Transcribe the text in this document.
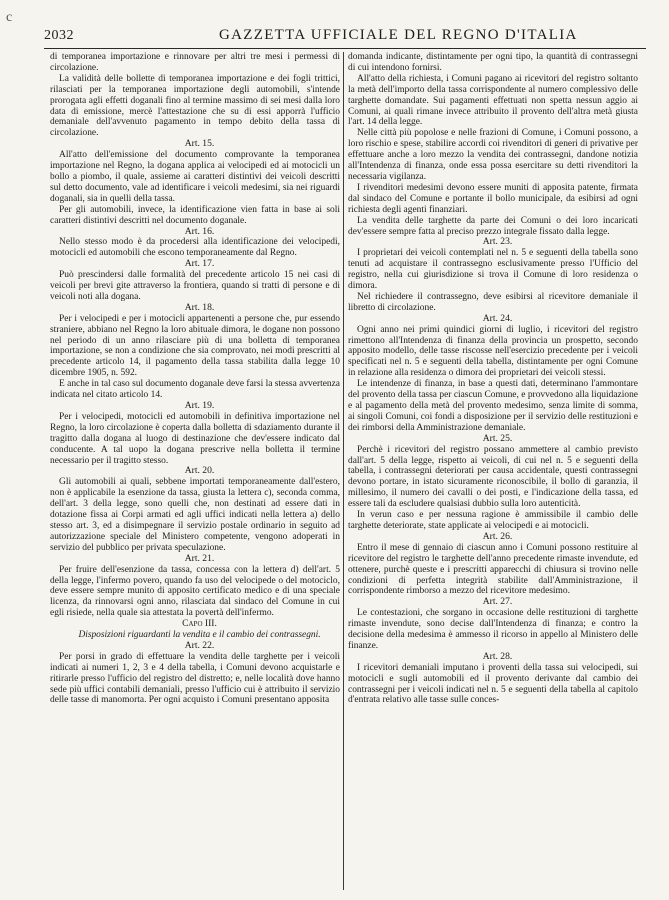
c
2032	GAZZETTA UFFICIALE DEL REGNO D'ITALIA

di temporanea importazione e rinnovare per altri tre mesi i permessi di circolazione.

La validità delle bollette di temporanea importazione e dei fogli trittici, rilasciati per la temporanea importazione degli automobili, s'intende prorogata agli effetti doganali fino al termine massimo di sei mesi dalla loro data di emissione, mercè l'attestazione che su di essi apporrà l'ufficio demaniale dell'avvenuto pagamento in tempo debito della tassa di circolazione.

Art. 15.

All'atto dell'emissione del documento comprovante la temporanea importazione nel Regno, la dogana applica ai velocipedi ed ai motocicli un bollo a piombo, il quale, assieme ai caratteri distintivi dei veicoli descritti sul detto documento, vale ad identificare i veicoli medesimi, sia nei riguardi doganali, sia in quelli della tassa.

Per gli automobili, invece, la identificazione vien fatta in base ai soli caratteri distintivi descritti nel documento doganale.

Art. 16.

Nello stesso modo è da procedersi alla identificazione dei velocipedi, motocicli ed automobili che escono temporaneamente dal Regno.

Art. 17.

Può prescindersi dalle formalità del precedente articolo 15 nei casi di veicoli per brevi gite attraverso la frontiera, quando si tratti di persone e di veicoli noti alla dogana.

Art. 18.

Per i velocipedi e per i motocicli appartenenti a persone che, pur essendo straniere, abbiano nel Regno la loro abituale dimora, le dogane non possono nel periodo di un anno rilasciare più di una bolletta di temporanea importazione, se non a condizione che sia comprovato, nei modi prescritti al precedente articolo 14, il pagamento della tassa stabilita dalla legge 10 dicembre 1905, n. 592.

E anche in tal caso sul documento doganale deve farsi la stessa avvertenza indicata nel citato articolo 14.

Art. 19.

Per i velocipedi, motocicli ed automobili in definitiva importazione nel Regno, la loro circolazione è coperta dalla bolletta di sdaziamento durante il tragitto dalla dogana al luogo di destinazione che dev'essere indicato dal conducente. A tal uopo la dogana prescrive nella bolletta il termine necessario per il tragitto stesso.

Art. 20.

Gli automobili ai quali, sebbene importati temporaneamente dall'estero, non è applicabile la esenzione da tassa, giusta la lettera c), seconda comma, dell'art. 3 della legge, sono quelli che, non destinati ad essere dati in dotazione fissa ai Corpi armati ed agli uffici indicati nella lettera a) dello stesso art. 3, ed a disimpegnare il servizio postale ordinario in seguito ad autorizzazione speciale del Ministero competente, vengono adoperati in servizio del pubblico per privata speculazione.

Art. 21.

Per fruire dell'esenzione da tassa, concessa con la lettera d) dell'art. 5 della legge, l'infermo povero, quando fa uso del velocipede o del motociclo, deve essere sempre munito di apposito certificato medico e di una speciale licenza, da rinnovarsi ogni anno, rilasciata dal sindaco del Comune in cui egli risiede, nella quale sia attestata la povertà dell'infermo.

Capo III.

Disposizioni riguardanti la vendita e il cambio dei contrassegni.

Art. 22.

Per porsi in grado di effettuare la vendita delle targhette per i veicoli indicati ai numeri 1, 2, 3 e 4 della tabella, i Comuni devono acquistarle e ritirarle presso l'ufficio del registro del distretto; e, nelle località dove hanno sede più uffici contabili demaniali, presso l'ufficio cui è attribuito il servizio delle tasse di manomorta. Per ogni acquisto i Comuni presentano apposita

domanda indicante, distintamente per ogni tipo, la quantità di contrassegni di cui intendono fornirsi.

All'atto della richiesta, i Comuni pagano ai ricevitori del registro soltanto la metà dell'importo della tassa corrispondente al numero complessivo delle targhette domandate. Sui pagamenti effettuati non spetta nessun aggio ai Comuni, ai quali rimane invece attribuito il provento dell'altra metà giusta l'art. 14 della legge.

Nelle città più popolose e nelle frazioni di Comune, i Comuni possono, a loro rischio e spese, stabilire accordi coi rivenditori di generi di privative per effettuare anche a loro mezzo la vendita dei contrassegni, dandone notizia all'Intendenza di finanza, onde essa possa esercitare su detti rivenditori la necessaria vigilanza.

I rivenditori medesimi devono essere muniti di apposita patente, firmata dal sindaco del Comune e portante il bollo municipale, da esibirsi ad ogni richiesta degli agenti finanziari.

La vendita delle targhette da parte dei Comuni o dei loro incaricati dev'essere sempre fatta al preciso prezzo integrale fissato dalla legge.

Art. 23.

I proprietari dei veicoli contemplati nel n. 5 e seguenti della tabella sono tenuti ad acquistare il contrassegno esclusivamente presso l'Ufficio del registro, nella cui giurisdizione si trova il Comune di loro residenza o dimora.

Nel richiedere il contrassegno, deve esibirsi al ricevitore demaniale il libretto di circolazione.

Art. 24.

Ogni anno nei primi quindici giorni di luglio, i ricevitori del registro rimettono all'Intendenza di finanza della provincia un prospetto, secondo apposito modello, delle tasse riscosse nell'esercizio precedente per i veicoli specificati nel n. 5 e seguenti della tabella, distintamente per ogni Comune in relazione alla residenza o dimora dei proprietari dei veicoli stessi.

Le intendenze di finanza, in base a questi dati, determinano l'ammontare del provento della tassa per ciascun Comune, e provvedono alla liquidazione e al pagamento della metà del provento medesimo, senza limite di somma, ai singoli Comuni, coi fondi a disposizione per il servizio delle restituzioni e dei rimborsi della Amministrazione demaniale.

Art. 25.

Perchè i ricevitori del registro possano ammettere al cambio previsto dall'art. 5 della legge, rispetto ai veicoli, di cui nel n. 5 e seguenti della tabella, i contrassegni deteriorati per causa accidentale, questi contrassegni devono portare, in istato sicuramente riconoscibile, il bollo di garanzia, il millesimo, il numero dei cavalli o dei posti, e l'indicazione della tassa, ed essere tali da escludere qualsiasi dubbio sulla loro autenticità.

In verun caso e per nessuna ragione è ammissibile il cambio delle targhette deteriorate, state applicate ai velocipedi e ai motocicli.

Art. 26.

Entro il mese di gennaio di ciascun anno i Comuni possono restituire al ricevitore del registro le targhette dell'anno precedente rimaste invendute, ed ottenere, purchè queste e i prescritti apparecchi di chiusura si trovino nelle condizioni di perfetta integrità stabilite dall'Amministrazione, il corrispondente rimborso a mezzo del ricevitore medesimo.

Art. 27.

Le contestazioni, che sorgano in occasione delle restituzioni di targhette rimaste invendute, sono decise dall'Intendenza di finanza; e contro la decisione della medesima è ammesso il ricorso in appello al Ministero delle finanze.

Art. 28.

I ricevitori demaniali imputano i proventi della tassa sui velocipedi, sui motocicli e sugli automobili ed il provento derivante dal cambio dei contrassegni per i veicoli indicati nel n. 5 e seguenti della tabella al capitolo d'entrata relativo alle tasse sulle conces-
